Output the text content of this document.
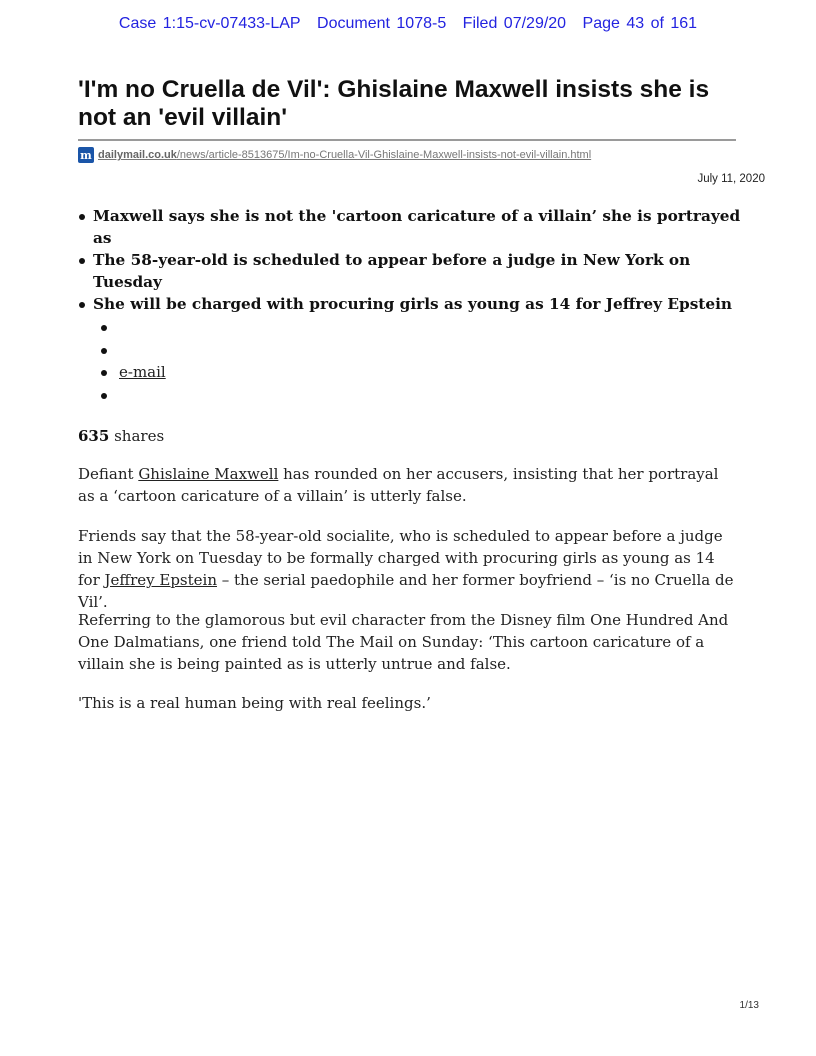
Case 1:15-cv-07433-LAP Document 1078-5 Filed 07/29/20 Page 43 of 161
'I'm no Cruella de Vil': Ghislaine Maxwell insists she is not an 'evil villain'
m dailymail.co.uk/news/article-8513675/Im-no-Cruella-Vil-Ghislaine-Maxwell-insists-not-evil-villain.html
July 11, 2020
Maxwell says she is not the 'cartoon caricature of a villain’ she is portrayed as
The 58-year-old is scheduled to appear before a judge in New York on Tuesday
She will be charged with procuring girls as young as 14 for Jeffrey Epstein
e-mail
635 shares

Defiant Ghislaine Maxwell has rounded on her accusers, insisting that her portrayal as a ‘cartoon caricature of a villain’ is utterly false.

Friends say that the 58-year-old socialite, who is scheduled to appear before a judge in New York on Tuesday to be formally charged with procuring girls as young as 14 for Jeffrey Epstein – the serial paedophile and her former boyfriend – ‘is no Cruella de Vil’.

Referring to the glamorous but evil character from the Disney film One Hundred And One Dalmatians, one friend told The Mail on Sunday: ‘This cartoon caricature of a villain she is being painted as is utterly untrue and false.

'This is a real human being with real feelings.’

1/13
